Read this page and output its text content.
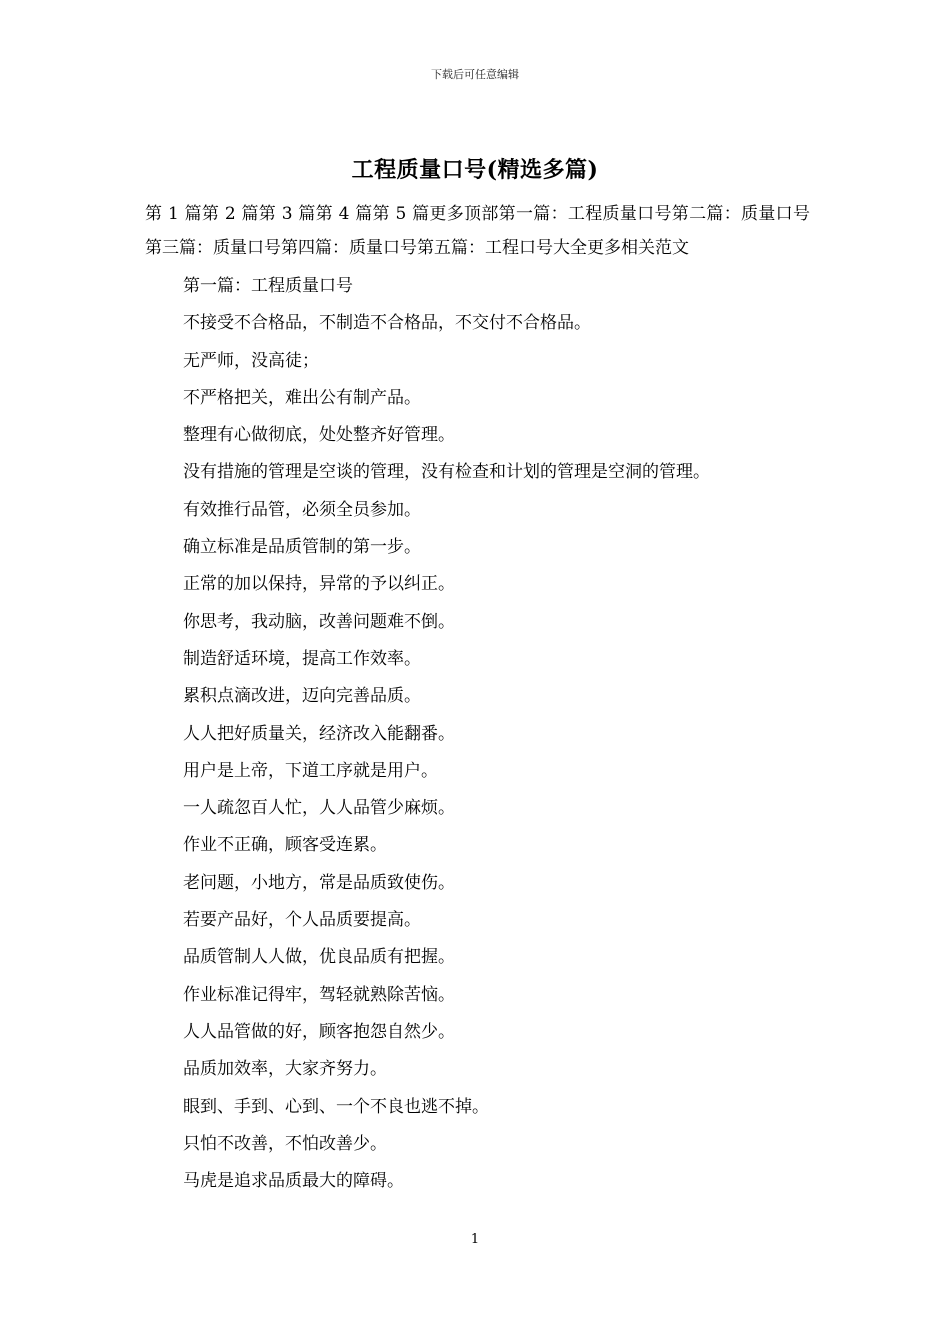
下载后可任意编辑
工程质量口号(精选多篇)
第 1 篇第 2 篇第 3 篇第 4 篇第 5 篇更多顶部第一篇：工程质量口号第二篇：质量口号第三篇：质量口号第四篇：质量口号第五篇：工程口号大全更多相关范文
第一篇：工程质量口号
不接受不合格品，不制造不合格品，不交付不合格品。
无严师，没高徒；
不严格把关，难出公有制产品。
整理有心做彻底，处处整齐好管理。
没有措施的管理是空谈的管理，没有检查和计划的管理是空洞的管理。
有效推行品管，必须全员参加。
确立标准是品质管制的第一步。
正常的加以保持，异常的予以纠正。
你思考，我动脑，改善问题难不倒。
制造舒适环境，提高工作效率。
累积点滴改进，迈向完善品质。
人人把好质量关，经济改入能翻番。
用户是上帝，下道工序就是用户。
一人疏忽百人忙，人人品管少麻烦。
作业不正确，顾客受连累。
老问题，小地方，常是品质致使伤。
若要产品好，个人品质要提高。
品质管制人人做，优良品质有把握。
作业标准记得牢，驾轻就熟除苦恼。
人人品管做的好，顾客抱怨自然少。
品质加效率，大家齐努力。
眼到、手到、心到、一个不良也逃不掉。
只怕不改善，不怕改善少。
马虎是追求品质最大的障碍。
1
